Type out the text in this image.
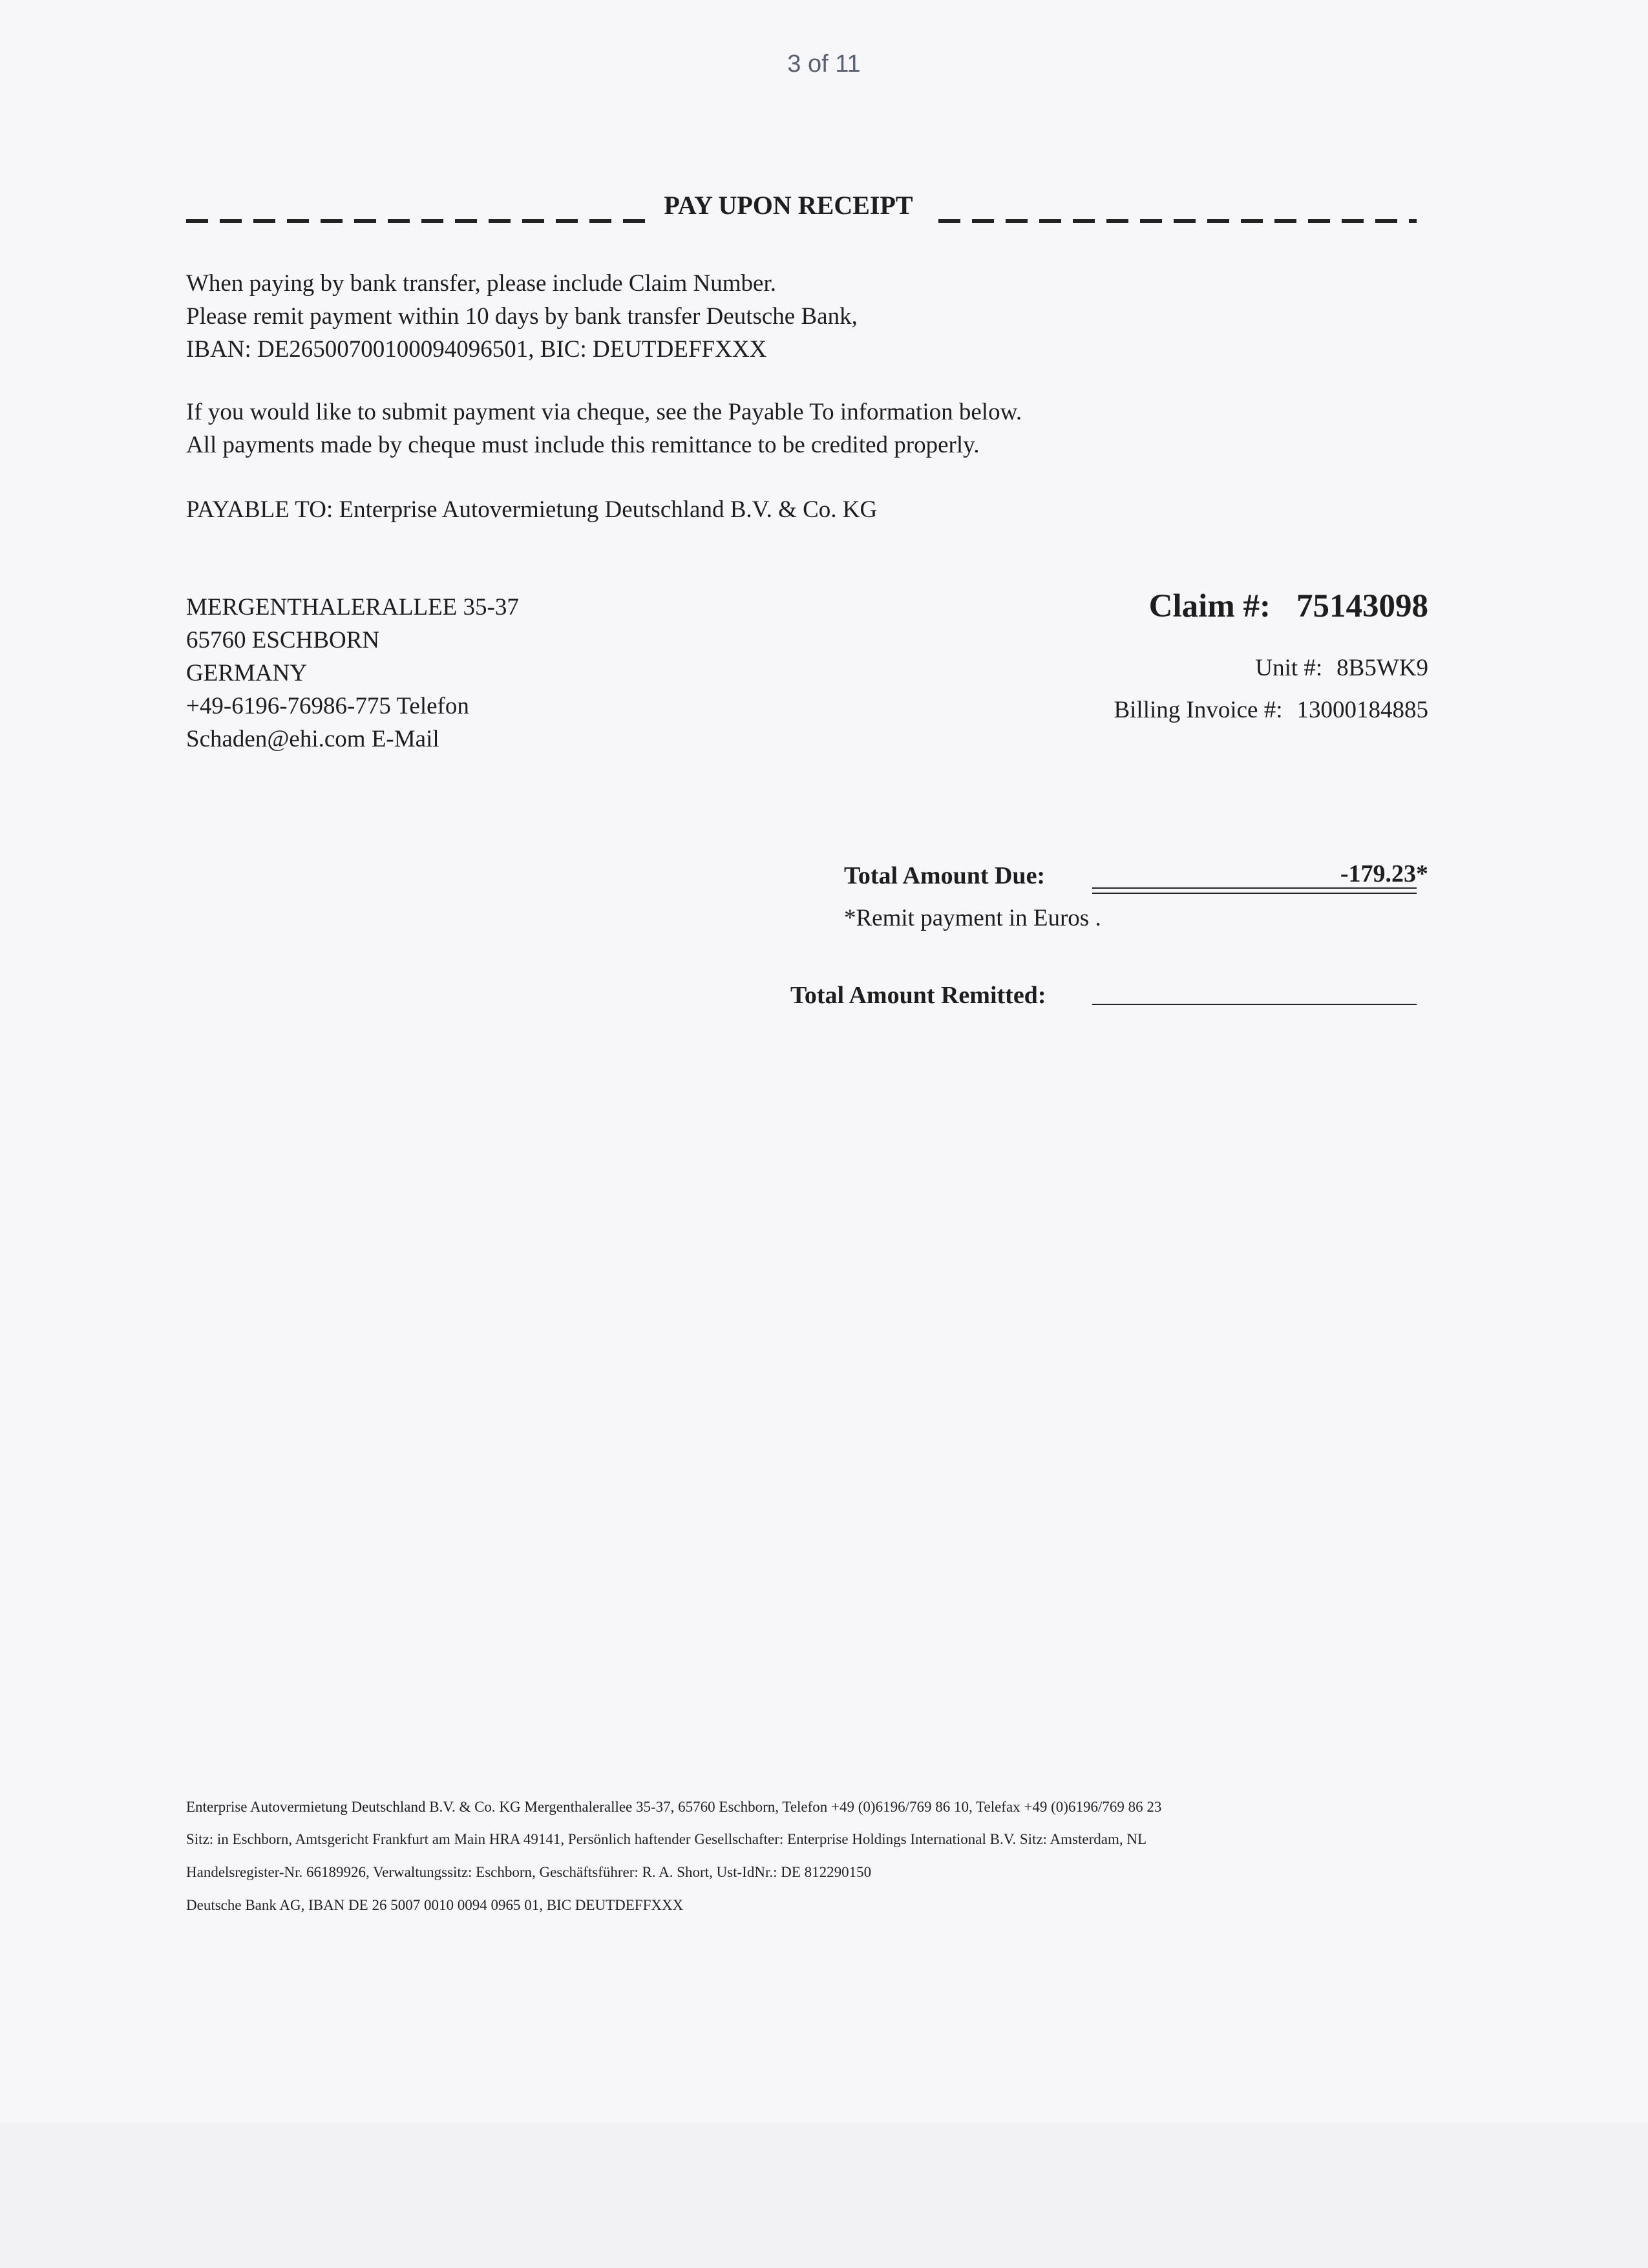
3 of 11
PAY UPON RECEIPT
When paying by bank transfer, please include Claim Number.
Please remit payment within 10 days by bank transfer Deutsche Bank,
IBAN: DE26500700100094096501, BIC: DEUTDEFFXXX
If you would like to submit payment via cheque, see the Payable To information below.
All payments made by cheque must include this remittance to be credited properly.
PAYABLE TO: Enterprise Autovermietung Deutschland B.V. & Co. KG
MERGENTHALERALLEE 35-37
65760 ESCHBORN
GERMANY
+49-6196-76986-775 Telefon
Schaden@ehi.com E-Mail
Claim #: 75143098
Unit #: 8B5WK9
Billing Invoice #: 13000184885
Total Amount Due:	-179.23*
*Remit payment in Euros .
Total Amount Remitted:
Enterprise Autovermietung Deutschland B.V. & Co. KG Mergenthalerallee 35-37, 65760 Eschborn, Telefon +49 (0)6196/769 86 10, Telefax +49 (0)6196/769 86 23
Sitz: in Eschborn, Amtsgericht Frankfurt am Main HRA 49141, Persönlich haftender Gesellschafter: Enterprise Holdings International B.V. Sitz: Amsterdam, NL
Handelsregister-Nr. 66189926, Verwaltungssitz: Eschborn, Geschäftsführer: R. A. Short, Ust-IdNr.: DE 812290150
Deutsche Bank AG, IBAN DE 26 5007 0010 0094 0965 01, BIC DEUTDEFFXXX
